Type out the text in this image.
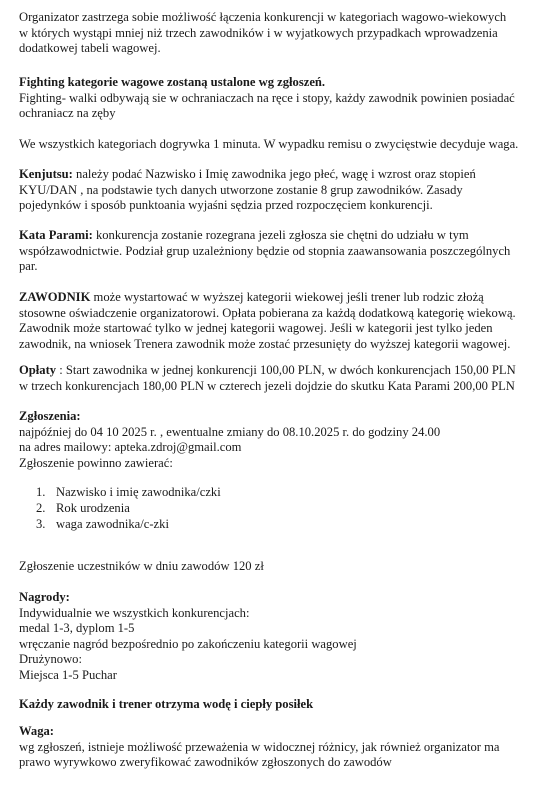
Organizator zastrzega sobie możliwość łączenia konkurencji w kategoriach wagowo-wiekowych
w których wystąpi mniej niż trzech zawodników i w wyjatkowych przypadkach wprowadzenia
dodatkowej tabeli wagowej.

Fighting kategorie wagowe zostaną ustalone wg zgłoszeń.
Fighting- walki odbywają sie w ochraniaczach na ręce i stopy, każdy zawodnik powinien posiadać
ochraniacz na zęby

We wszystkich kategoriach dogrywka 1 minuta. W wypadku remisu o zwycięstwie decyduje waga.

Kenjutsu: należy podać Nazwisko i Imię zawodnika jego płeć, wagę i wzrost oraz stopień
KYU/DAN , na podstawie tych danych utworzone zostanie 8 grup zawodników. Zasady
pojedynków i sposób punktoania wyjaśni sędzia przed rozpoczęciem konkurencji.

Kata Parami: konkurencja zostanie rozegrana jezeli zgłosza sie chętni do udziału w tym
współzawodnictwie. Podział grup uzależniony będzie od stopnia zaawansowania poszczególnych
par.

ZAWODNIK może wystartować w wyższej kategorii wiekowej jeśli trener lub rodzic złożą
stosowne oświadczenie organizatorowi. Opłata pobierana za każdą dodatkową kategorię wiekową.
Zawodnik może startować tylko w jednej kategorii wagowej. Jeśli w kategorii jest tylko jeden
zawodnik, na wniosek Trenera zawodnik może zostać przesunięty do wyższej kategorii wagowej.

Opłaty : Start zawodnika w jednej konkurencji 100,00 PLN, w dwóch konkurencjach 150,00 PLN
w trzech konkurencjach 180,00 PLN w czterech jezeli dojdzie do skutku Kata Parami 200,00 PLN

Zgłoszenia:
najpóźniej do 04 10 2025 r. , ewentualne zmiany do 08.10.2025 r. do godziny 24.00
na adres mailowy: apteka.zdroj@gmail.com
Zgłoszenie powinno zawierać:

1. Nazwisko i imię zawodnika/czki
2. Rok urodzenia
3. waga zawodnika/c-zki

Zgłoszenie uczestników w dniu zawodów 120 zł

Nagrody:
Indywidualnie we wszystkich konkurencjach:
medal 1-3, dyplom 1-5
wręczanie nagród bezpośrednio po zakończeniu kategorii wagowej
Drużynowo:
Miejsca 1-5 Puchar

Każdy zawodnik i trener otrzyma wodę i ciepły posiłek

Waga:
wg zgłoszeń, istnieje możliwość przeważenia w widocznej różnicy, jak również organizator ma
prawo wyrywkowo zweryfikować zawodników zgłoszonych do zawodów
